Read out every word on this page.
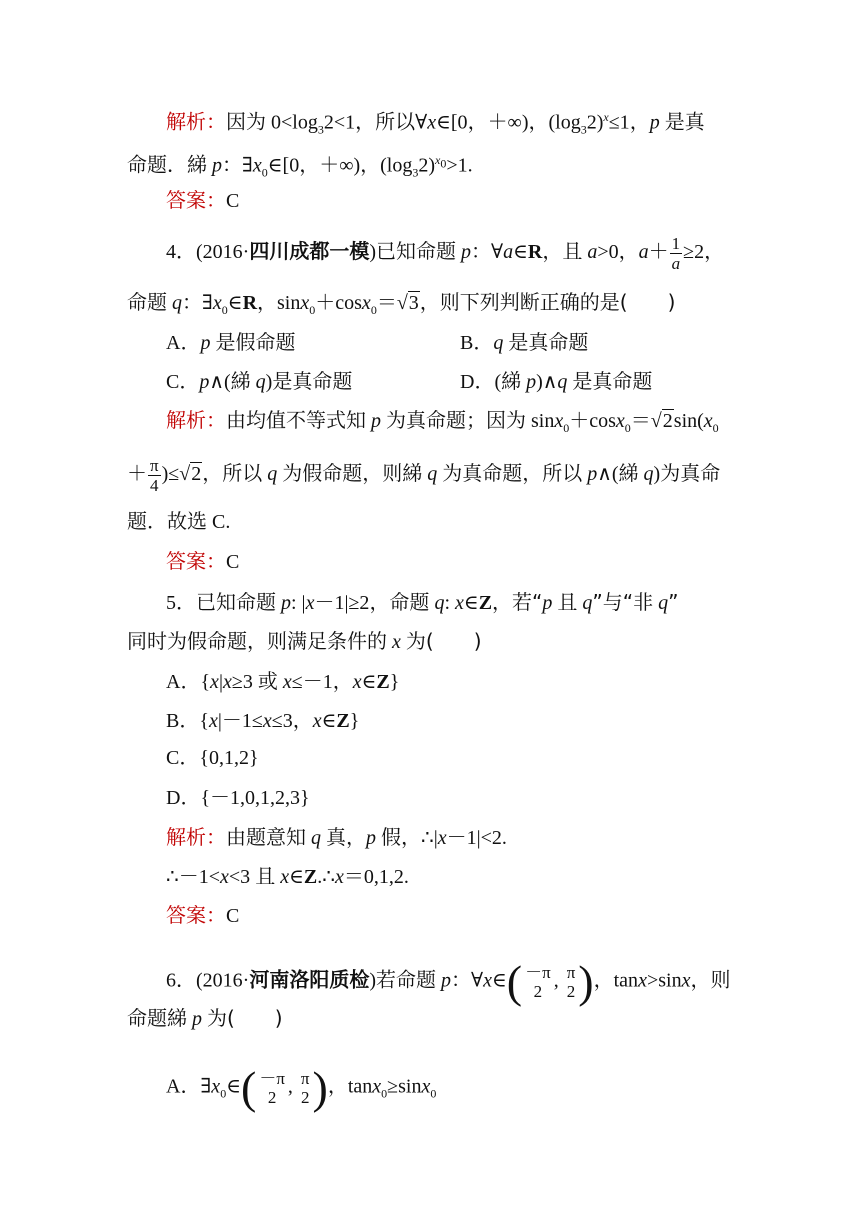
解析：因为 $0<\log_32<1$，所以∀x∈[0，＋∞)，$(\log_32)^x\le 1$，p 是真
命题．綈 p：$\exists x_0\in[0$，＋∞)，$(\log_32)^{x_0}>1$.
答案：C
4．(2016·四川成都一模)已知命题 p：∀a∈R，且 a>0，$a+ \frac{1}{a} \ge 2$，
命题 q：$\exists x_0\in R$，sinx$_0$＋cosx$_0$＝√3，则下列判断正确的是(　　)
A．p 是假命题	B．q 是真命题
C．p∧(綈 q)是真命题	D．(綈 p)∧q 是真命题
解析：由均值不等式知 p 为真命题；因为 $\sin x_0+\cos x_0=√2\sin(x_0$
＋ $\frac{\pi}{4} )\le√2$，所以 q 为假命题，则綈 q 为真命题，所以 p∧(綈 q)为真命
题．故选 C.
答案：C
5．已知命题 p: |x－1|≥2，命题 q: x∈Z，若“p 且 q”与“非 q”
同时为假命题，则满足条件的 x 为(　　)
A．{x|x≥3 或 x≤－1，x∈Z}
B．{x|－1≤x≤3，x∈Z}
C．{0,1,2}
D．{－1,0,1,2,3}
解析：由题意知 q 真，p 假，∴|x－1|<2.
∴－1<x<3 且 x∈Z.∴x＝0,1,2.
答案：C
6．(2016·河南洛阳质检)若命题 p：∀x∈( －π
2 , π
2 )，tanx>sinx，则
命题綈 p 为(　　)
A．$\exists x_0\in( -\pi$
2 , π
2 )，tanx$_0$≥sinx$_0$
